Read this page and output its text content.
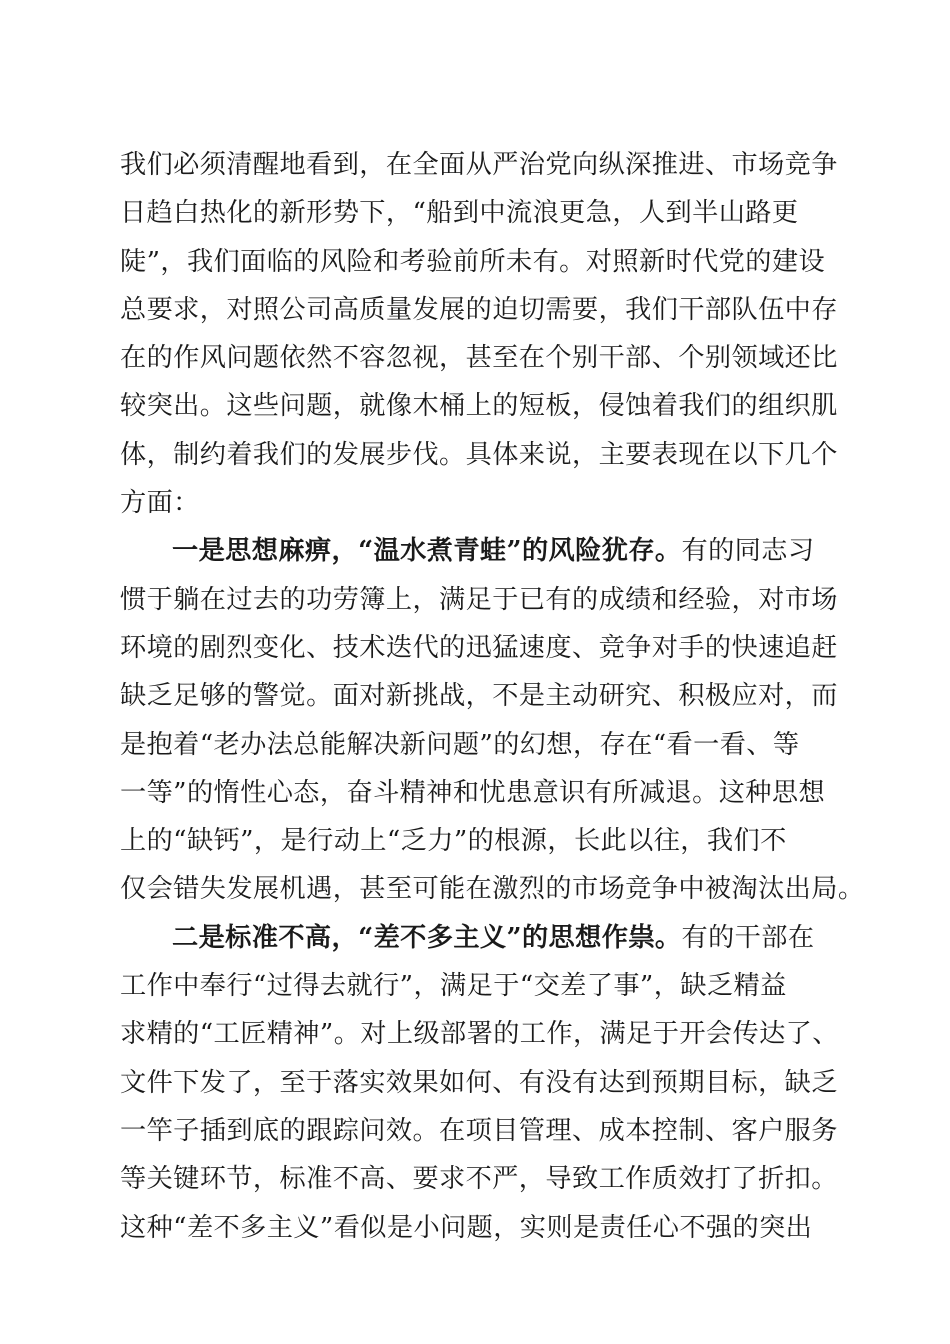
我们必须清醒地看到，在全面从严治党向纵深推进、市场竞争
日趋白热化的新形势下，“船到中流浪更急，人到半山路更
陡”，我们面临的风险和考验前所未有。对照新时代党的建设
总要求，对照公司高质量发展的迫切需要，我们干部队伍中存
在的作风问题依然不容忽视，甚至在个别干部、个别领域还比
较突出。这些问题，就像木桶上的短板，侵蚀着我们的组织肌
体，制约着我们的发展步伐。具体来说，主要表现在以下几个
方面：
一是思想麻痹，“温水煮青蛙”的风险犹存。有的同志习
惯于躺在过去的功劳簿上，满足于已有的成绩和经验，对市场
环境的剧烈变化、技术迭代的迅猛速度、竞争对手的快速追赶
缺乏足够的警觉。面对新挑战，不是主动研究、积极应对，而
是抱着“老办法总能解决新问题”的幻想，存在“看一看、等
一等”的惰性心态，奋斗精神和忧患意识有所减退。这种思想
上的“缺钙”，是行动上“乏力”的根源，长此以往，我们不
仅会错失发展机遇，甚至可能在激烈的市场竞争中被淘汰出局。
二是标准不高，“差不多主义”的思想作祟。有的干部在
工作中奉行“过得去就行”，满足于“交差了事”，缺乏精益
求精的“工匠精神”。对上级部署的工作，满足于开会传达了、
文件下发了，至于落实效果如何、有没有达到预期目标，缺乏
一竿子插到底的跟踪问效。在项目管理、成本控制、客户服务
等关键环节，标准不高、要求不严，导致工作质效打了折扣。
这种“差不多主义”看似是小问题，实则是责任心不强的突出
